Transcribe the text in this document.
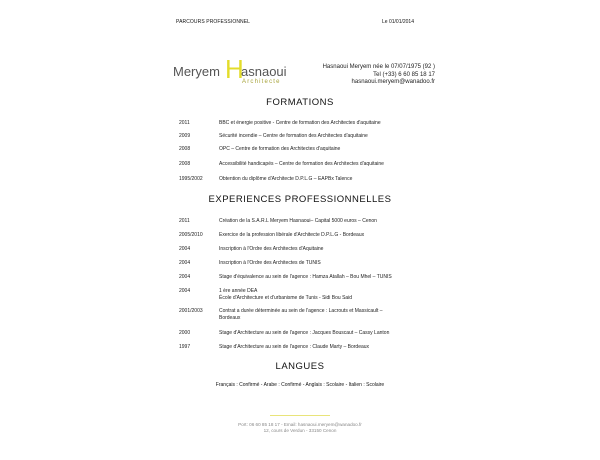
PARCOURS PROFESSIONNEL	Le 01/01/2014
Meryem H
asnaoui
Architecte
Hasnaoui Meryem née le 07/07/1975 (92 )
Tel (+33) 6 60 85 18 17
hasnaoui.meryem@wanadoo.fr
FORMATIONS
2011	BBC et énergie positive - Centre de formation des Architectes d'aquitaine
2009	Sécurité incendie – Centre de formation des Architectes d'aquitaine
2008	OPC – Centre de formation des Architectes d'aquitaine
2008	Accessibilité handicapés – Centre de formation des Architectes d'aquitaine
1995/2002	Obtention du diplôme d'Architecte D.P.L.G – EAPBx Talence
EXPERIENCES PROFESSIONNELLES
2011	Création de la S.A.R.L Meryem Hasnaoui– Capital 5000 euros – Cenon
2005/2010	Exercice de la profession libérale d'Architecte D.P.L.G - Bordeaux
2004	Inscription à l'Ordre des Architectes d'Aquitaine
2004	Inscription à l'Ordre des Architectes de TUNIS
2004	Stage d'équivalence au sein de l'agence : Hamza Atallah – Bou Mhel – TUNIS
2004	1 ère année DEA
École d'Architecture et d'urbanisme de Tunis - Sidi Bou Said
2001/2003	Contrat a durée déterminée au sein de l'agence : Lacrouts et Massicault –
Bordeaux
2000	Stage d'Architecture au sein de l'agence : Jacques Bouscaut – Cassy Lanton
1997	Stage d'Architecture au sein de l'agence : Claude Marty – Bordeaux
LANGUES
Français : Confirmé - Arabe : Confirmé - Anglais : Scolaire - Italien : Scolaire
Port: 06 60 85 18 17 - Email: hasnaoui.meryem@wanadoo.fr
12, cours de Verdun - 33150 Cenon
